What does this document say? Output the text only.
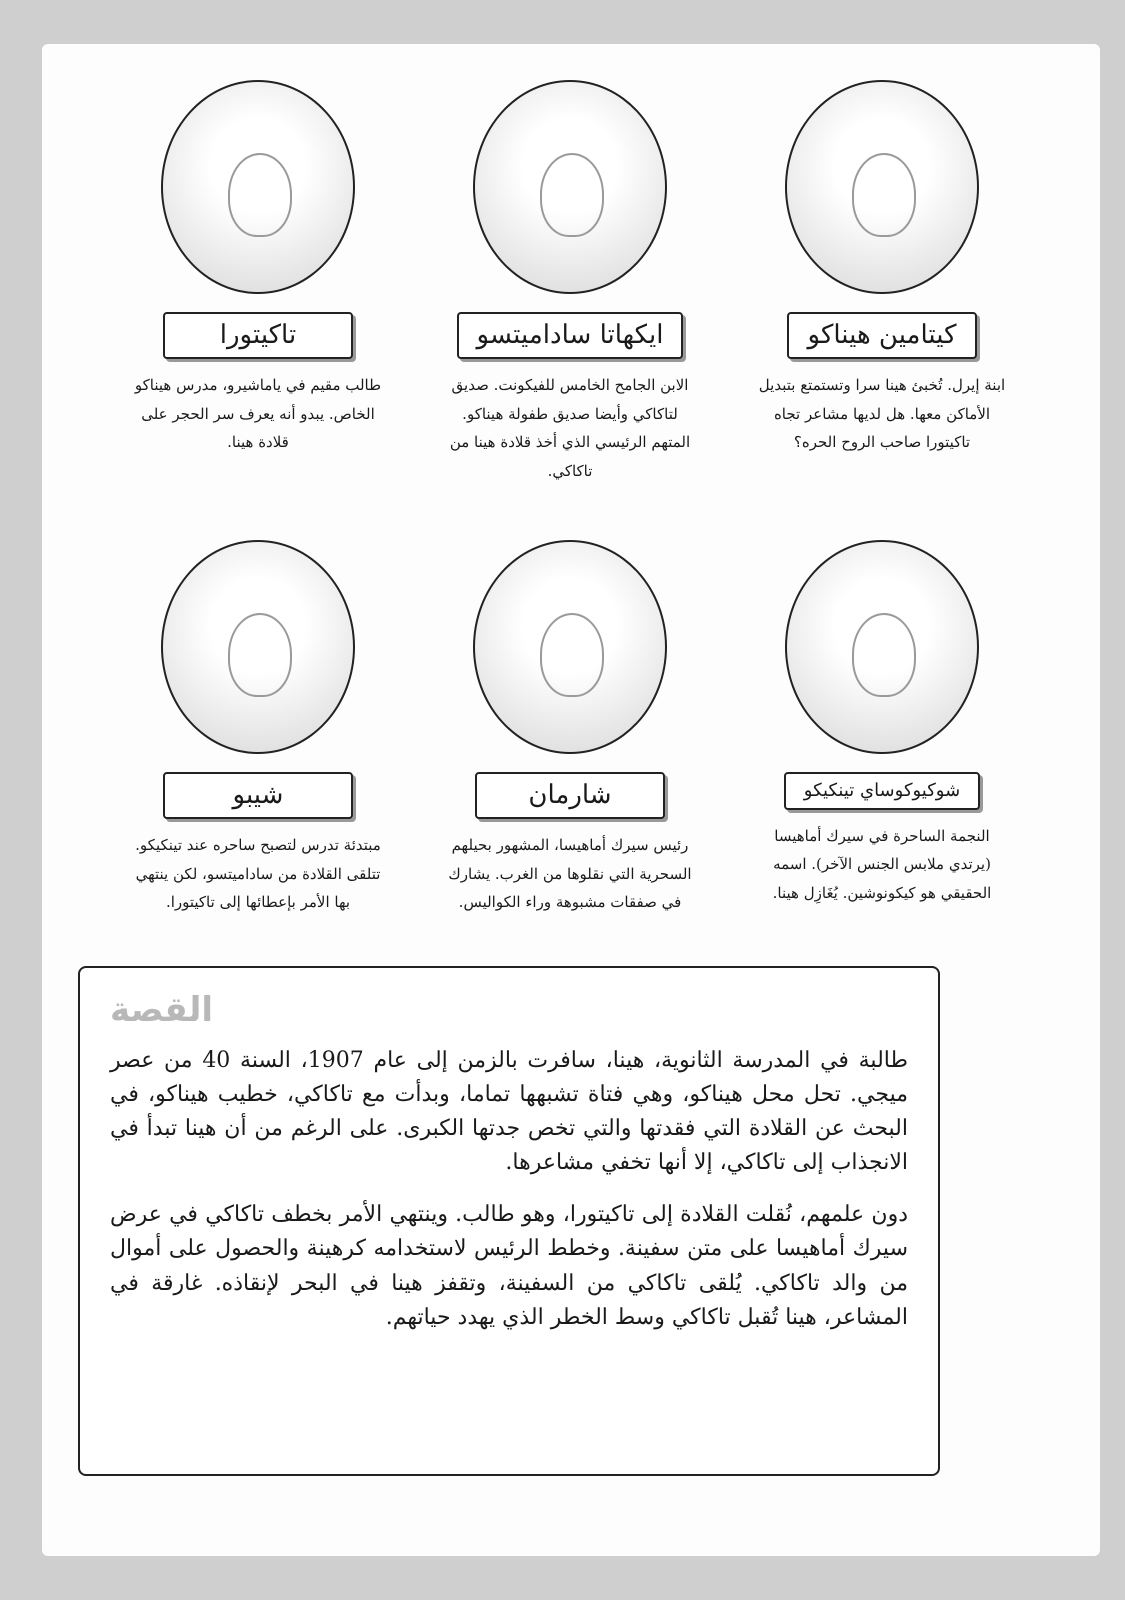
كيتامين هيناكو
ابنة إيرل. تُخبئ هينا سرا وتستمتع بتبديل الأماكن معها. هل لديها مشاعر تجاه تاكيتورا صاحب الروح الحره؟
ايكهاتا ساداميتسو
الابن الجامح الخامس للفيكونت. صديق لتاكاكي وأيضا صديق طفولة هيناكو. المتهم الرئيسي الذي أخذ قلادة هينا من تاكاكي.
تاكيتورا
طالب مقيم في ياماشيرو، مدرس هيناكو الخاص. يبدو أنه يعرف سر الحجر على قلادة هينا.
شوكيوكوساي تينكيكو
النجمة الساحرة في سيرك أماهيسا (يرتدي ملابس الجنس الآخر). اسمه الحقيقي هو كيكونوشين. يُغَازِل هينا.
شارمان
رئيس سيرك أماهيسا، المشهور بحيلهم السحرية التي نقلوها من الغرب. يشارك في صفقات مشبوهة وراء الكواليس.
شيبو
مبتدئة تدرس لتصبح ساحره عند تينكيكو. تتلقى القلادة من ساداميتسو، لكن ينتهي بها الأمر بإعطائها إلى تاكيتورا.
القصة

طالبة في المدرسة الثانوية، هينا، سافرت بالزمن إلى عام 1907، السنة 40 من عصر ميجي. تحل محل هيناكو، وهي فتاة تشبهها تماما، وبدأت مع تاكاكي، خطيب هيناكو، في البحث عن القلادة التي فقدتها والتي تخص جدتها الكبرى. على الرغم من أن هينا تبدأ في الانجذاب إلى تاكاكي، إلا أنها تخفي مشاعرها.

دون علمهم، نُقلت القلادة إلى تاكيتورا، وهو طالب. وينتهي الأمر بخطف تاكاكي في عرض سيرك أماهيسا على متن سفينة. وخطط الرئيس لاستخدامه كرهينة والحصول على أموال من والد تاكاكي. يُلقى تاكاكي من السفينة، وتقفز هينا في البحر لإنقاذه. غارقة في المشاعر، هينا تُقبل تاكاكي وسط الخطر الذي يهدد حياتهم.
